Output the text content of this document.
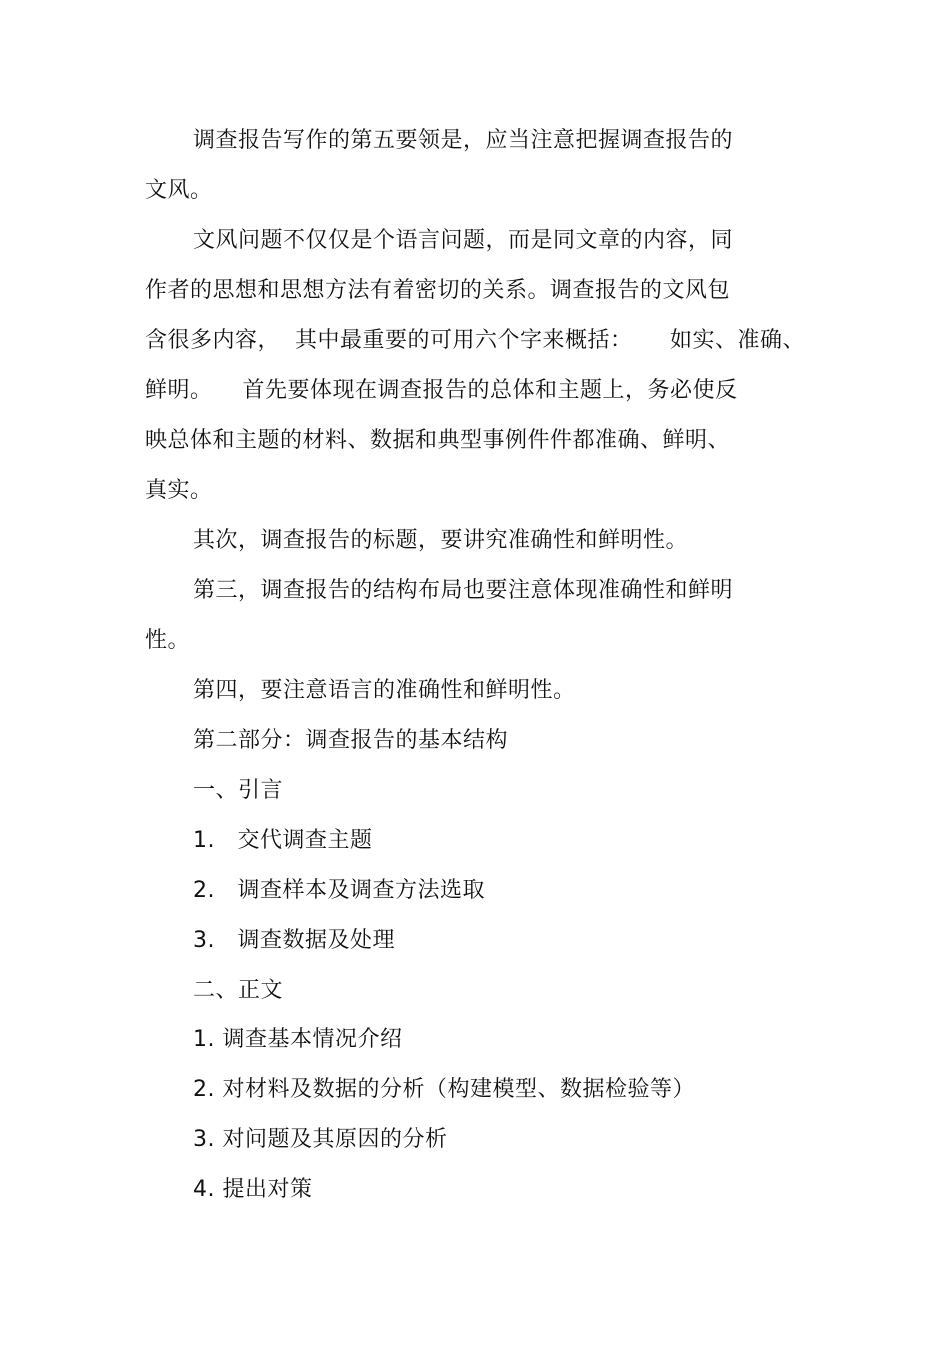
调查报告写作的第五要领是，应当注意把握调查报告的
文风。
文风问题不仅仅是个语言问题，而是同文章的内容，同
作者的思想和思想方法有着密切的关系。调查报告的文风包
含很多内容，  其中最重要的可用六个字来概括：     如实、准确、
鲜明。    首先要体现在调查报告的总体和主题上，务必使反
映总体和主题的材料、数据和典型事例件件都准确、鲜明、
真实。
其次，调查报告的标题，要讲究准确性和鲜明性。
第三，调查报告的结构布局也要注意体现准确性和鲜明
性。
第四，要注意语言的准确性和鲜明性。
第二部分：调查报告的基本结构
一、引言
1.   交代调查主题
2.   调查样本及调查方法选取
3.   调查数据及处理
二、正文
1. 调查基本情况介绍
2. 对材料及数据的分析（构建模型、数据检验等）
3. 对问题及其原因的分析
4. 提出对策
